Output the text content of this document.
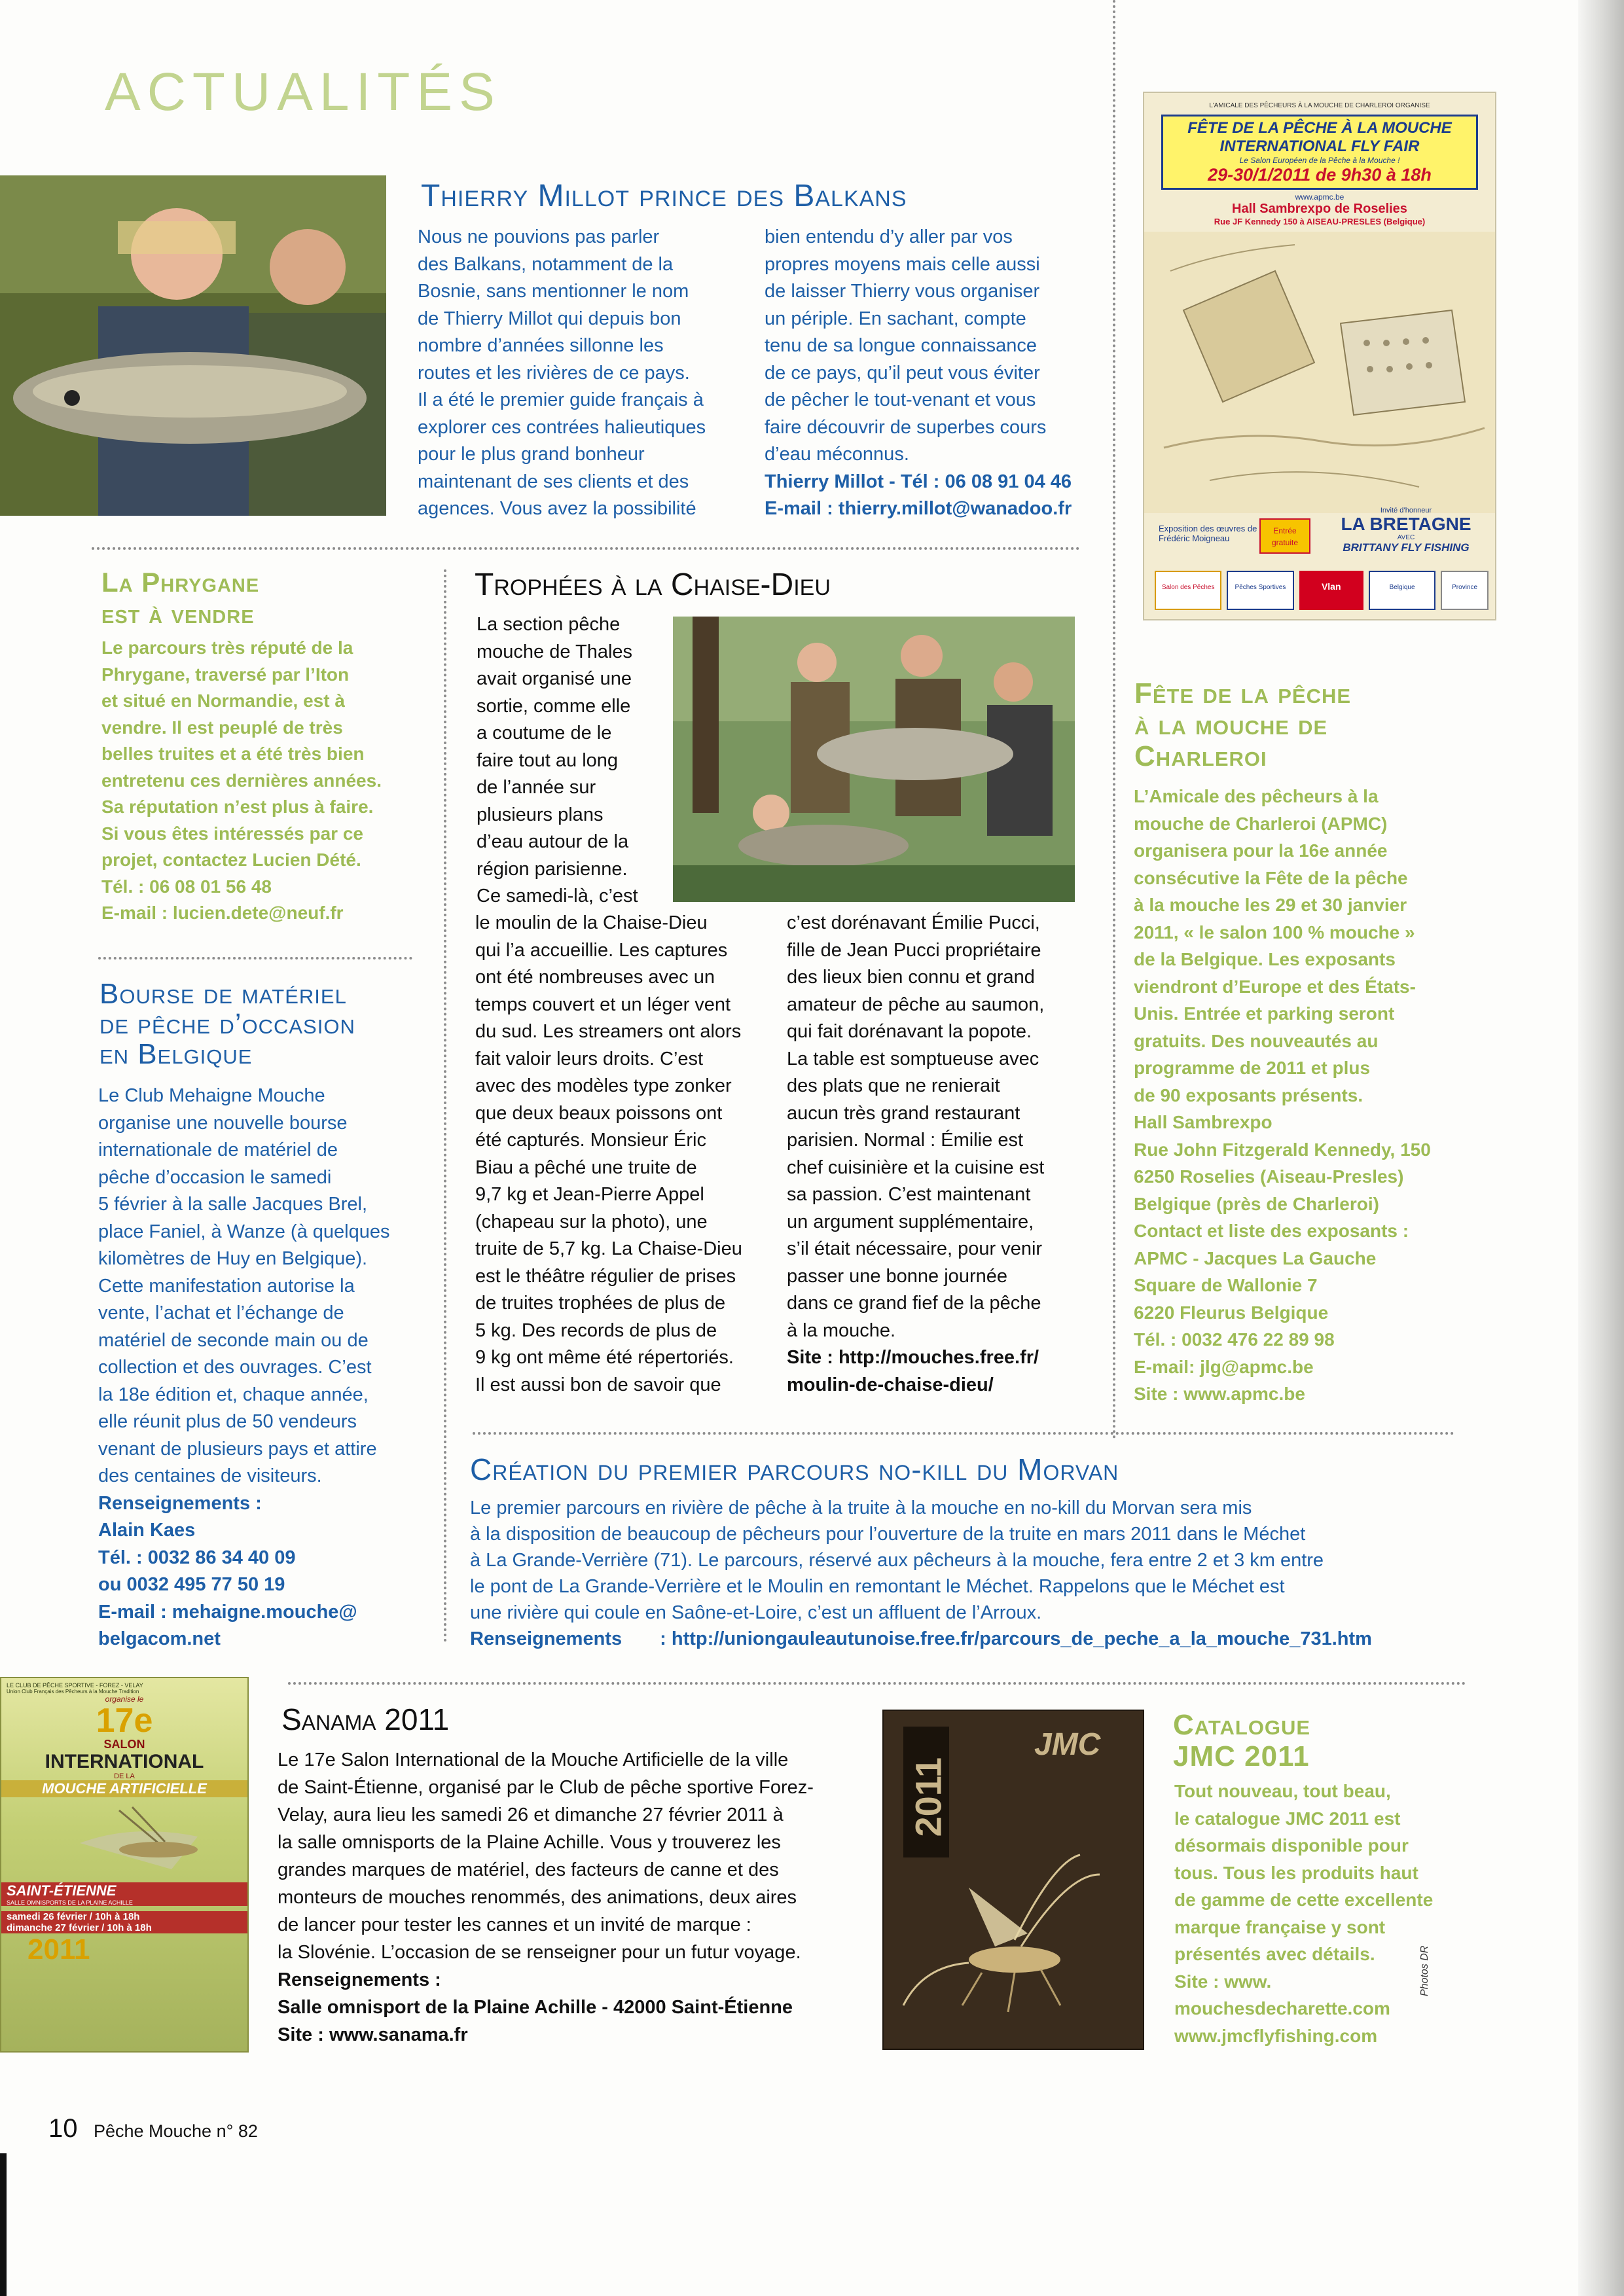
ACTUALITÉS
Thierry Millot prince des Balkans
Nous ne pouvions pas parler
des Balkans, notamment de la
Bosnie, sans mentionner le nom
de Thierry Millot qui depuis bon
nombre d’années sillonne les
routes et les rivières de ce pays.
Il a été le premier guide français à
explorer ces contrées halieutiques
pour le plus grand bonheur
maintenant de ses clients et des
agences. Vous avez la possibilité
bien entendu d’y aller par vos
propres moyens mais celle aussi
de laisser Thierry vous organiser
un périple. En sachant, compte
tenu de sa longue connaissance
de ce pays, qu’il peut vous éviter
de pêcher le tout-venant et vous
faire découvrir de superbes cours
d’eau méconnus.
Thierry Millot - Tél : 06 08 91 04 46
E-mail : thierry.millot@wanadoo.fr
L’AMICALE DES PÊCHEURS À LA MOUCHE DE CHARLEROI ORGANISE
FÊTE DE LA PÊCHE À LA MOUCHE
INTERNATIONAL FLY FAIR
Le Salon Européen de la Pêche à la Mouche !
29-30/1/2011 de 9h30 à 18h
www.apmc.be
Hall Sambrexpo de Roselies
Rue JF Kennedy 150 à AISEAU-PRESLES (Belgique)
Exposition des œuvres de Frédéric Moigneau
Entrée gratuite
Invité d’honneur
LA BRETAGNE
AVEC
BRITTANY FLY FISHING
Salon des Pêches	Pêches Sportives	Vlan	Belgique	Province
La Phrygane
est à vendre
Le parcours très réputé de la
Phrygane, traversé par l’Iton
et situé en Normandie, est à
vendre. Il est peuplé de très
belles truites et a été très bien
entretenu ces dernières années.
Sa réputation n’est plus à faire.
Si vous êtes intéressés par ce
projet, contactez Lucien Dété.
Tél. : 06 08 01 56 48
E-mail : lucien.dete@neuf.fr
Bourse de matériel
de pêche d’occasion
en Belgique
Le Club Mehaigne Mouche
organise une nouvelle bourse
internationale de matériel de
pêche d’occasion le samedi
5 février à la salle Jacques Brel,
place Faniel, à Wanze (à quelques
kilomètres de Huy en Belgique).
Cette manifestation autorise la
vente, l’achat et l’échange de
matériel de seconde main ou de
collection et des ouvrages. C’est
la 18e édition et, chaque année,
elle réunit plus de 50 vendeurs
venant de plusieurs pays et attire
des centaines de visiteurs.
Renseignements :
Alain Kaes
Tél. : 0032 86 34 40 09
ou 0032 495 77 50 19
E-mail : mehaigne.mouche@
belgacom.net
Trophées à la Chaise-Dieu
La section pêche
mouche de Thales
avait organisé une
sortie, comme elle
a coutume de le
faire tout au long
de l’année sur
plusieurs plans
d’eau autour de la
région parisienne.
Ce samedi-là, c’est
le moulin de la Chaise-Dieu
qui l’a accueillie. Les captures
ont été nombreuses avec un
temps couvert et un léger vent
du sud. Les streamers ont alors
fait valoir leurs droits. C’est
avec des modèles type zonker
que deux beaux poissons ont
été capturés. Monsieur Éric
Biau a pêché une truite de
9,7 kg et Jean-Pierre Appel
(chapeau sur la photo), une
truite de 5,7 kg. La Chaise-Dieu
est le théâtre régulier de prises
de truites trophées de plus de
5 kg. Des records de plus de
9 kg ont même été répertoriés.
Il est aussi bon de savoir que
c’est dorénavant Émilie Pucci,
fille de Jean Pucci propriétaire
des lieux bien connu et grand
amateur de pêche au saumon,
qui fait dorénavant la popote.
La table est somptueuse avec
des plats que ne renierait
aucun très grand restaurant
parisien. Normal : Émilie est
chef cuisinière et la cuisine est
sa passion. C’est maintenant
un argument supplémentaire,
s’il était nécessaire, pour venir
passer une bonne journée
dans ce grand fief de la pêche
à la mouche.
Site : http://mouches.free.fr/
moulin-de-chaise-dieu/
Fête de la pêche
à la mouche de
Charleroi
L’Amicale des pêcheurs à la
mouche de Charleroi (APMC)
organisera pour la 16e année
consécutive la Fête de la pêche
à la mouche les 29 et 30 janvier
2011, « le salon 100 % mouche »
de la Belgique. Les exposants
viendront d’Europe et des États-
Unis. Entrée et parking seront
gratuits. Des nouveautés au
programme de 2011 et plus
de 90 exposants présents.
Hall Sambrexpo
Rue John Fitzgerald Kennedy, 150
6250 Roselies (Aiseau-Presles)
Belgique (près de Charleroi)
Contact et liste des exposants :
APMC - Jacques La Gauche
Square de Wallonie 7
6220 Fleurus Belgique
Tél. : 0032 476 22 89 98
E-mail: jlg@apmc.be
Site : www.apmc.be
Création du premier parcours no-kill du Morvan
Le premier parcours en rivière de pêche à la truite à la mouche en no-kill du Morvan sera mis
à la disposition de beaucoup de pêcheurs pour l’ouverture de la truite en mars 2011 dans le Méchet
à La Grande-Verrière (71). Le parcours, réservé aux pêcheurs à la mouche, fera entre 2 et 3 km entre
le pont de La Grande-Verrière et le Moulin en remontant le Méchet. Rappelons que le Méchet est
une rivière qui coule en Saône-et-Loire, c’est un affluent de l’Arroux.
Renseignements : http://uniongauleautunoise.free.fr/parcours_de_peche_a_la_mouche_731.htm
LE CLUB DE PÊCHE SPORTIVE - FOREZ - VELAY
Union Club Français des Pêcheurs à la Mouche Tradition
organise le
17e
SALON
INTERNATIONAL
DE LA
MOUCHE ARTIFICIELLE
SAINT-ÉTIENNE
SALLE OMNISPORTS DE LA PLAINE ACHILLE
samedi 26 février / 10h à 18h
dimanche 27 février / 10h à 18h
2011
Sanama 2011
Le 17e Salon International de la Mouche Artificielle de la ville
de Saint-Étienne, organisé par le Club de pêche sportive Forez-
Velay, aura lieu les samedi 26 et dimanche 27 février 2011 à
la salle omnisports de la Plaine Achille. Vous y trouverez les
grandes marques de matériel, des facteurs de canne et des
monteurs de mouches renommés, des animations, deux aires
de lancer pour tester les cannes et un invité de marque :
la Slovénie. L’occasion de se renseigner pour un futur voyage.
Renseignements :
Salle omnisport de la Plaine Achille - 42000 Saint-Étienne
Site : www.sanama.fr
2011
JMC
Catalogue
JMC 2011
Tout nouveau, tout beau,
le catalogue JMC 2011 est
désormais disponible pour
tous. Tous les produits haut
de gamme de cette excellente
marque française y sont
présentés avec détails.
Site : www.
mouchesdecharette.com
www.jmcflyfishing.com
Photos DR
10 Pêche Mouche n° 82
